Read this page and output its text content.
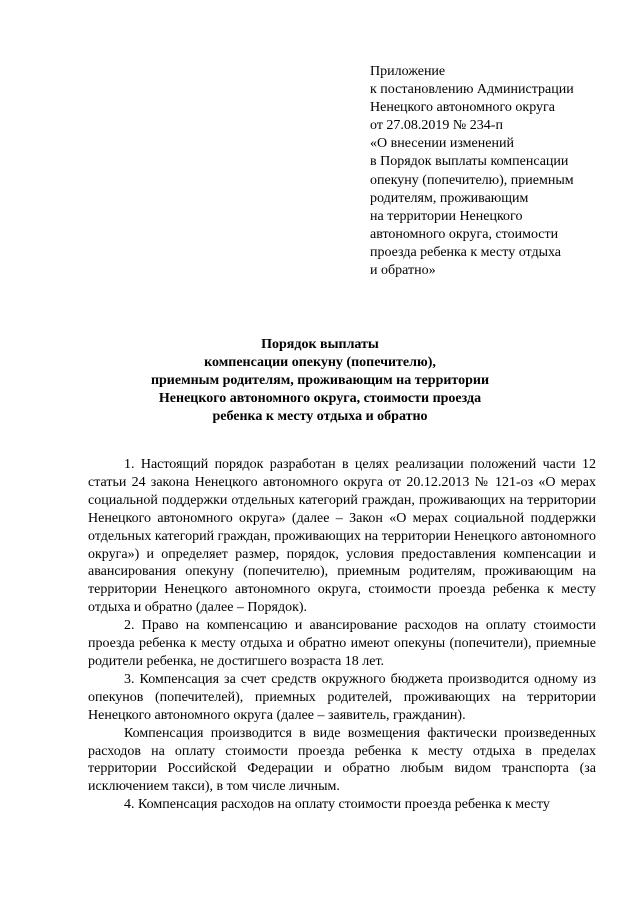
Приложение
к постановлению Администрации
Ненецкого автономного округа
от 27.08.2019 № 234-п
«О внесении изменений
в Порядок выплаты компенсации
опекуну (попечителю), приемным
родителям, проживающим
на территории Ненецкого
автономного округа, стоимости
проезда ребенка к месту отдыха
и обратно»
Порядок выплаты
компенсации опекуну (попечителю),
приемным родителям, проживающим на территории
Ненецкого автономного округа, стоимости проезда
ребенка к месту отдыха и обратно

1. Настоящий порядок разработан в целях реализации положений части 12 статьи 24 закона Ненецкого автономного округа от 20.12.2013 № 121-оз «О мерах социальной поддержки отдельных категорий граждан, проживающих на территории Ненецкого автономного округа» (далее – Закон «О мерах социальной поддержки отдельных категорий граждан, проживающих на территории Ненецкого автономного округа») и определяет размер, порядок, условия предоставления компенсации и авансирования опекуну (попечителю), приемным родителям, проживающим на территории Ненецкого автономного округа, стоимости проезда ребенка к месту отдыха и обратно (далее – Порядок).

2. Право на компенсацию и авансирование расходов на оплату стоимости проезда ребенка к месту отдыха и обратно имеют опекуны (попечители), приемные родители ребенка, не достигшего возраста 18 лет.

3. Компенсация за счет средств окружного бюджета производится одному из опекунов (попечителей), приемных родителей, проживающих на территории Ненецкого автономного округа (далее – заявитель, гражданин).

Компенсация производится в виде возмещения фактически произведенных расходов на оплату стоимости проезда ребенка к месту отдыха в пределах территории Российской Федерации и обратно любым видом транспорта (за исключением такси), в том числе личным.

4. Компенсация расходов на оплату стоимости проезда ребенка к месту
